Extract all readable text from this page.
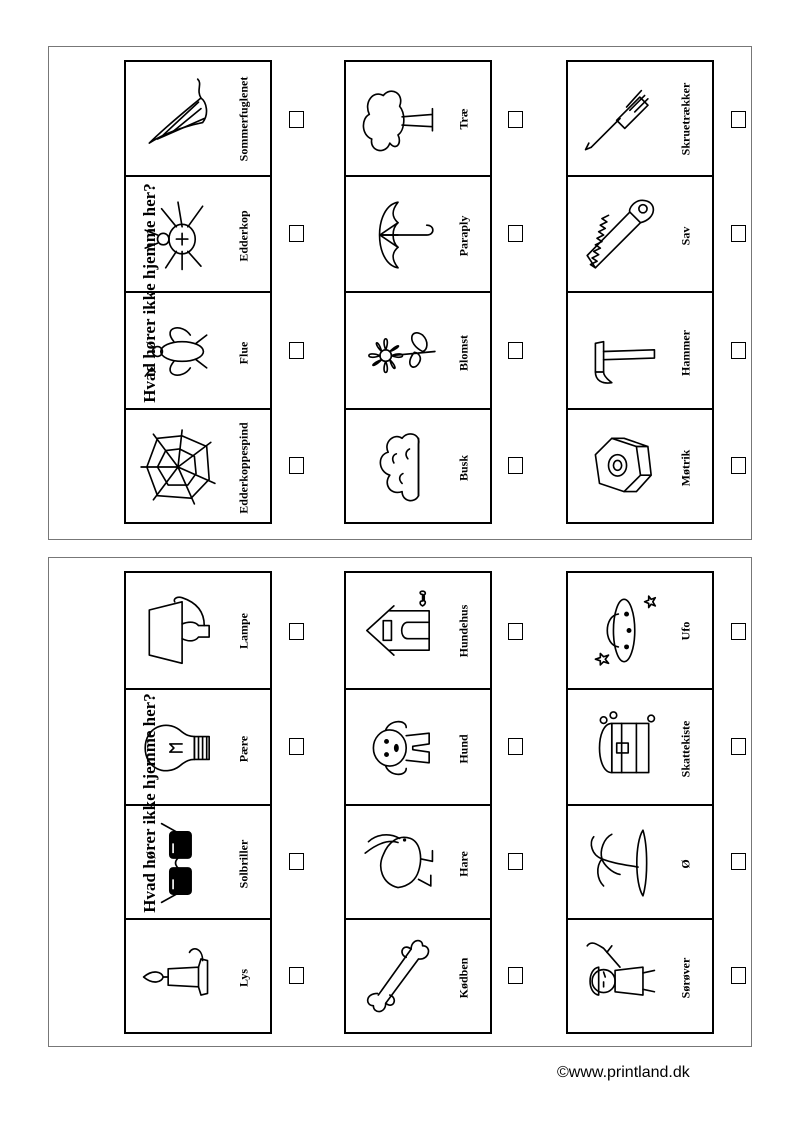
Hvad hører ikke hjemme her?
Hvad hører ikke hjemme her?
Sommerfuglenet
Edderkop
Flue
Edderkoppespind
Træ
Paraply
Blomst
Busk
Skruetrækker
Sav
Hammer
Møtrik
Lampe
Pære
Solbriller
Lys
Hundehus
Hund
Hare
Kødben
Ufo
Skattekiste
Ø
Sørøver
©www.printland.dk
